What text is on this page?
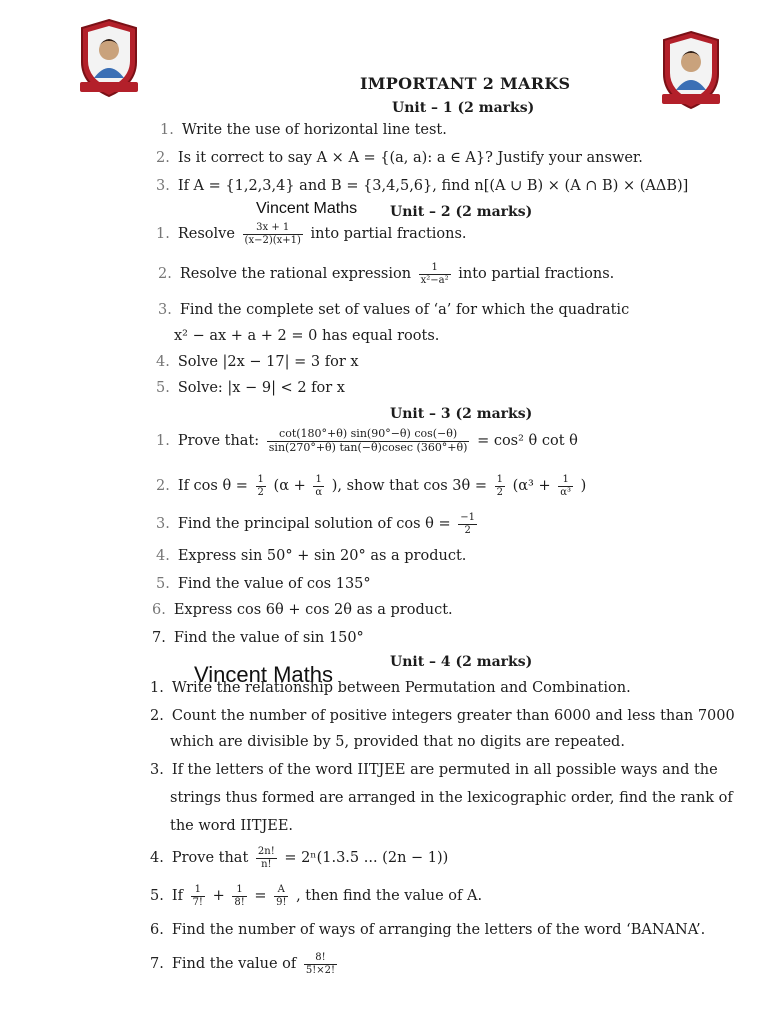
IMPORTANT 2 MARKS
Unit – 1 (2 marks)
1. Write the use of horizontal line test.
2. Is it correct to say A × A = {(a, a): a ∈ A}? Justify your answer.
3. If A = {1,2,3,4} and B = {3,4,5,6}, find n[(A ∪ B) × (A ∩ B) × (AΔB)]
Vincent Maths Unit – 2 (2 marks)
1. Resolve $\frac{3x + 1}{(x-2)(x+1)}$ into partial fractions.
2. Resolve the rational expression $\frac{1}{\text{x²−a²}}$ into partial fractions.
3. Find the complete set of values of ‘a’ for which the quadratic
x² − ax + a + 2 = 0 has equal roots.
4. Solve |2x − 17| = 3 for x
5. Solve: |x − 9| < 2 for x
Unit – 3 (2 marks)
1. Prove that: $\frac{\cot(180^\circ+\theta) \sin(90^\circ-\theta) \cos(-\theta)}{\sin(270^\circ+\theta) \tan(-\theta)cosec (360^\circ+\theta)} = \cos^2$ θ cot θ
2. If $\cos \theta = \frac{1}{2} (\alpha + \frac{1}{\alpha}$ ), show that $\cos 3\theta = \frac{1}{2} (\alpha^3 + \frac{1}{\text{α³}}$ )
3. Find the principal solution of $\cos \theta = \frac{-1}{2}$
4. Express sin 50° + sin 20° as a product.
5. Find the value of cos 135°
6. Express cos 6θ + cos 2θ as a product.
7. Find the value of sin 150°
Vincent Maths	Unit – 4 (2 marks)
1. Write the relationship between Permutation and Combination.
2. Count the number of positive integers greater than 6000 and less than 7000
which are divisible by 5, provided that no digits are repeated.
3. If the letters of the word IITJEE are permuted in all possible ways and the
strings thus formed are arranged in the lexicographic order, find the rank of
the word IITJEE.
4. Prove that $\frac{2n!}{n!} = 2^n(1.3.5$ ... (2n − 1))
5. If $\frac{1}{7!} + \frac{1}{8!} = \frac{A}{9!}$ , then find the value of A.
6. Find the number of ways of arranging the letters of the word ‘BANANA’.
7. Find the value of $\frac{8!}{5!\times 2!}$
